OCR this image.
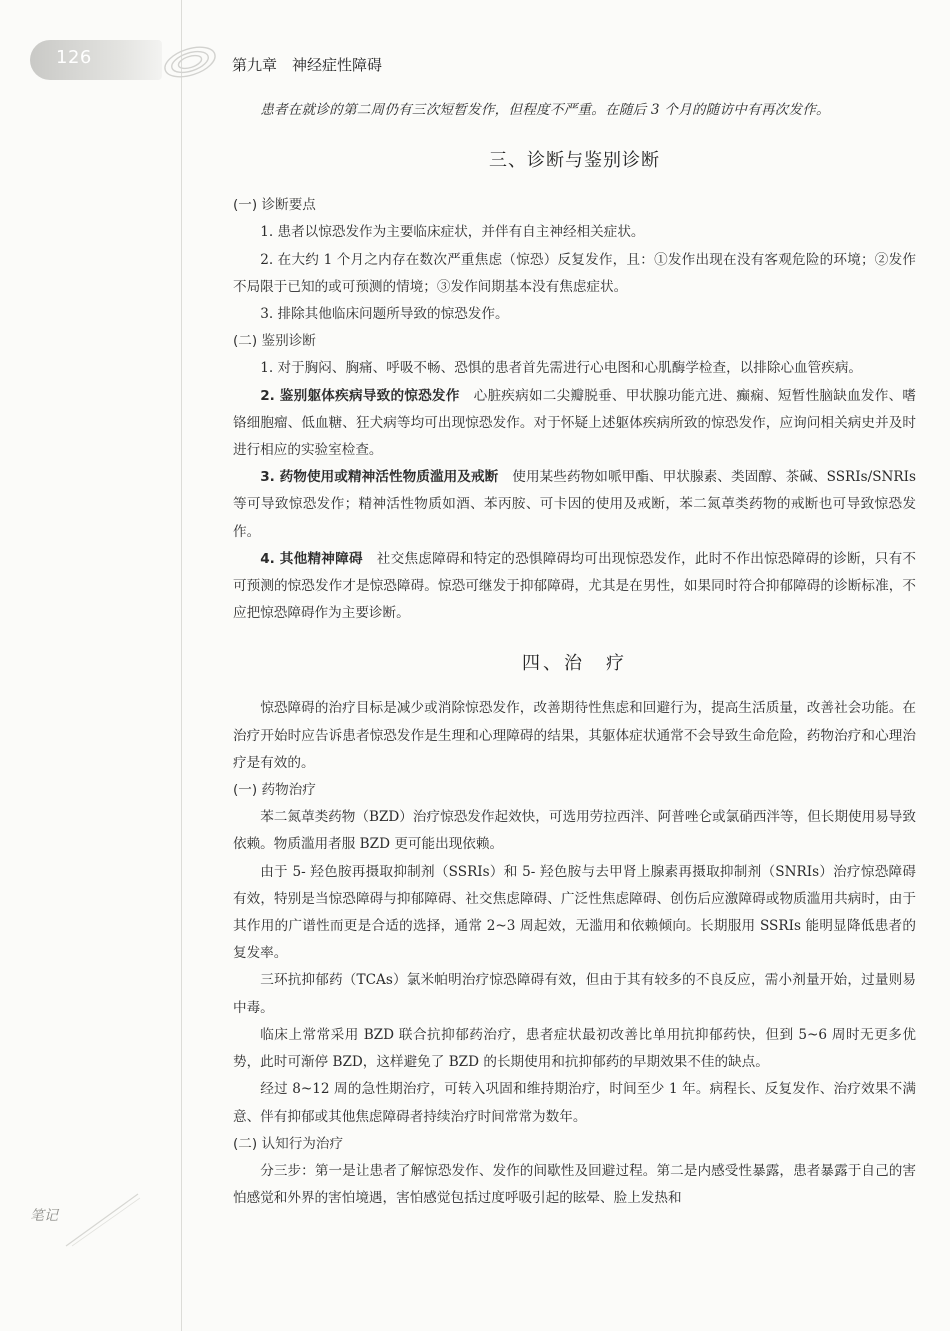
126	第九章　神经症性障碍

患者在就诊的第二周仍有三次短暂发作，但程度不严重。在随后 3 个月的随访中有再次发作。

三、诊断与鉴别诊断
(一) 诊断要点

1. 患者以惊恐发作为主要临床症状，并伴有自主神经相关症状。

2. 在大约 1 个月之内存在数次严重焦虑（惊恐）反复发作，且：①发作出现在没有客观危险的环境；②发作不局限于已知的或可预测的情境；③发作间期基本没有焦虑症状。

3. 排除其他临床问题所导致的惊恐发作。

(二) 鉴别诊断

1. 对于胸闷、胸痛、呼吸不畅、恐惧的患者首先需进行心电图和心肌酶学检查，以排除心血管疾病。

2. 鉴别躯体疾病导致的惊恐发作 心脏疾病如二尖瓣脱垂、甲状腺功能亢进、癫痫、短暂性脑缺血发作、嗜铬细胞瘤、低血糖、狂犬病等均可出现惊恐发作。对于怀疑上述躯体疾病所致的惊恐发作，应询问相关病史并及时进行相应的实验室检查。

3. 药物使用或精神活性物质滥用及戒断 使用某些药物如哌甲酯、甲状腺素、类固醇、茶碱、SSRIs/SNRIs 等可导致惊恐发作；精神活性物质如酒、苯丙胺、可卡因的使用及戒断，苯二氮䓬类药物的戒断也可导致惊恐发作。

4. 其他精神障碍 社交焦虑障碍和特定的恐惧障碍均可出现惊恐发作，此时不作出惊恐障碍的诊断，只有不可预测的惊恐发作才是惊恐障碍。惊恐可继发于抑郁障碍，尤其是在男性，如果同时符合抑郁障碍的诊断标准，不应把惊恐障碍作为主要诊断。

四、治　疗

惊恐障碍的治疗目标是减少或消除惊恐发作，改善期待性焦虑和回避行为，提高生活质量，改善社会功能。在治疗开始时应告诉患者惊恐发作是生理和心理障碍的结果，其躯体症状通常不会导致生命危险，药物治疗和心理治疗是有效的。

(一) 药物治疗

苯二氮䓬类药物（BZD）治疗惊恐发作起效快，可选用劳拉西泮、阿普唑仑或氯硝西泮等，但长期使用易导致依赖。物质滥用者服 BZD 更可能出现依赖。

由于 5- 羟色胺再摄取抑制剂（SSRIs）和 5- 羟色胺与去甲肾上腺素再摄取抑制剂（SNRIs）治疗惊恐障碍有效，特别是当惊恐障碍与抑郁障碍、社交焦虑障碍、广泛性焦虑障碍、创伤后应激障碍或物质滥用共病时，由于其作用的广谱性而更是合适的选择，通常 2~3 周起效，无滥用和依赖倾向。长期服用 SSRIs 能明显降低患者的复发率。

三环抗抑郁药（TCAs）氯米帕明治疗惊恐障碍有效，但由于其有较多的不良反应，需小剂量开始，过量则易中毒。

临床上常常采用 BZD 联合抗抑郁药治疗，患者症状最初改善比单用抗抑郁药快，但到 5~6 周时无更多优势，此时可渐停 BZD，这样避免了 BZD 的长期使用和抗抑郁药的早期效果不佳的缺点。

经过 8~12 周的急性期治疗，可转入巩固和维持期治疗，时间至少 1 年。病程长、反复发作、治疗效果不满意、伴有抑郁或其他焦虑障碍者持续治疗时间常常为数年。

(二) 认知行为治疗

分三步：第一是让患者了解惊恐发作、发作的间歇性及回避过程。第二是内感受性暴露，患者暴露于自己的害怕感觉和外界的害怕境遇，害怕感觉包括过度呼吸引起的眩晕、脸上发热和

笔记
